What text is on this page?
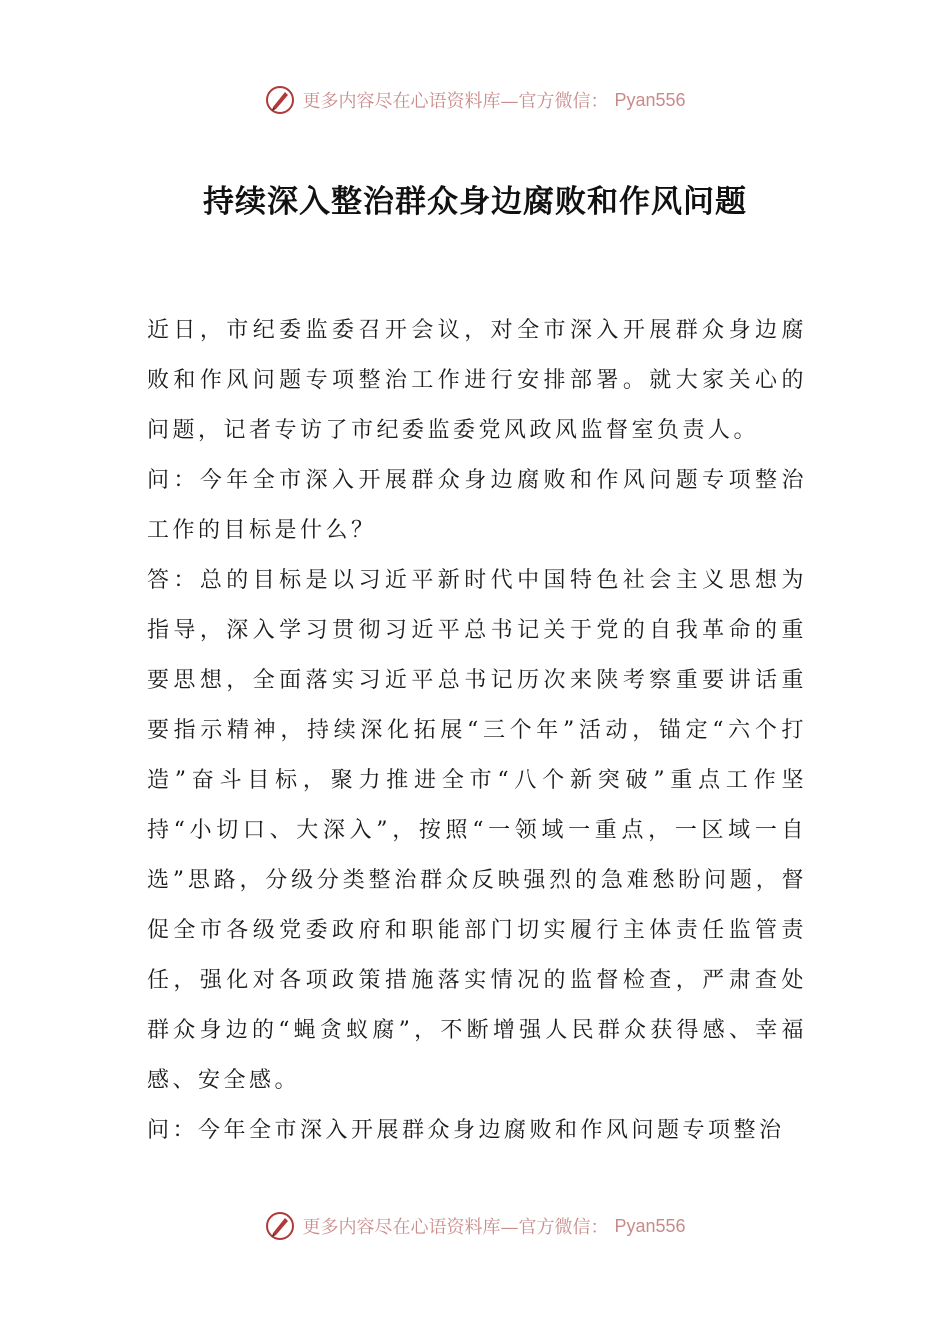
更多内容尽在心语资料库—官方微信： Pyan556
持续深入整治群众身边腐败和作风问题

近日，市纪委监委召开会议，对全市深入开展群众身边腐败和作风问题专项整治工作进行安排部署。就大家关心的问题，记者专访了市纪委监委党风政风监督室负责人。

问：今年全市深入开展群众身边腐败和作风问题专项整治工作的目标是什么？

答：总的目标是以习近平新时代中国特色社会主义思想为指导，深入学习贯彻习近平总书记关于党的自我革命的重要思想，全面落实习近平总书记历次来陕考察重要讲话重要指示精神，持续深化拓展“三个年”活动，锚定“六个打造”奋斗目标，聚力推进全市“八个新突破”重点工作坚持“小切口、大深入”，按照“一领域一重点，一区域一自选”思路，分级分类整治群众反映强烈的急难愁盼问题，督促全市各级党委政府和职能部门切实履行主体责任监管责任，强化对各项政策措施落实情况的监督检查，严肃查处群众身边的“蝇贪蚁腐”，不断增强人民群众获得感、幸福感、安全感。

问：今年全市深入开展群众身边腐败和作风问题专项整治

更多内容尽在心语资料库—官方微信： Pyan556
